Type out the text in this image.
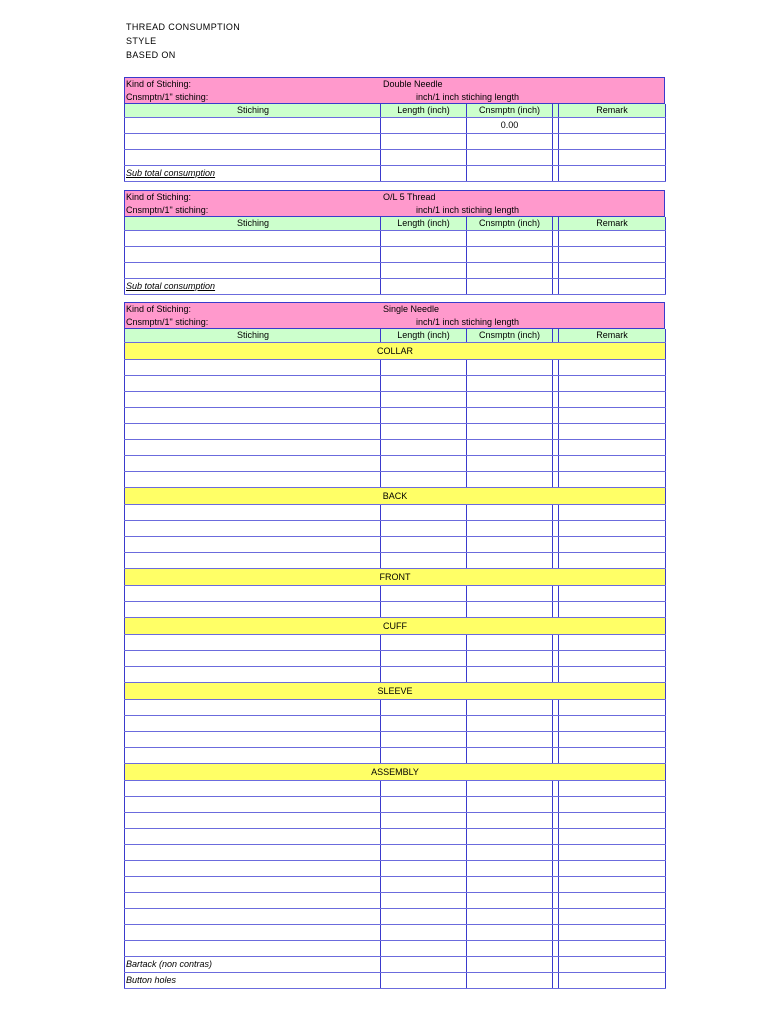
THREAD CONSUMPTION
STYLE
BASED ON
Kind of Stiching:	Double Needle
Cnsmptn/1" stiching:	inch/1 inch stiching length
Stiching	Length (inch)	Cnsmptn (inch)		Remark
		0.00		

Sub total consumption				
Kind of Stiching:	O/L 5 Thread
Cnsmptn/1" stiching:	inch/1 inch stiching length
Stiching	Length (inch)	Cnsmptn (inch)		Remark

Sub total consumption				
Kind of Stiching:	Single Needle
Cnsmptn/1" stiching:	inch/1 inch stiching length
Stiching	Length (inch)	Cnsmptn (inch)		Remark
COLLAR				

BACK				

FRONT				

CUFF				

SLEEVE				

ASSEMBLY				

Bartack (non contras)				
Button holes				
